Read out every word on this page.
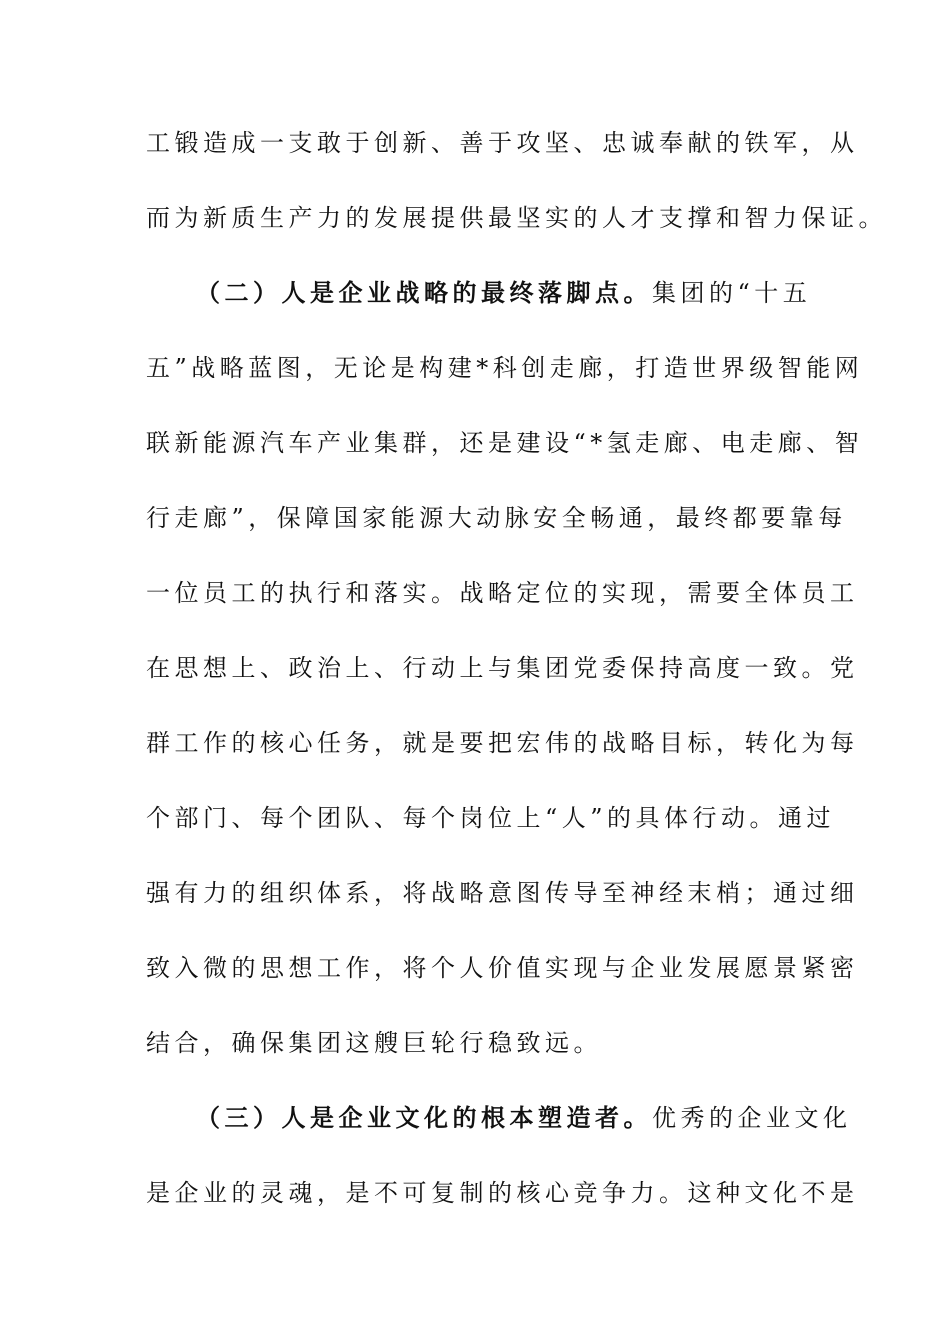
工锻造成一支敢于创新、善于攻坚、忠诚奉献的铁军，从
而为新质生产力的发展提供最坚实的人才支撑和智力保证。
（二）人是企业战略的最终落脚点。集团的“十五
五”战略蓝图，无论是构建*科创走廊，打造世界级智能网
联新能源汽车产业集群，还是建设“*氢走廊、电走廊、智
行走廊”，保障国家能源大动脉安全畅通，最终都要靠每
一位员工的执行和落实。战略定位的实现，需要全体员工
在思想上、政治上、行动上与集团党委保持高度一致。党
群工作的核心任务，就是要把宏伟的战略目标，转化为每
个部门、每个团队、每个岗位上“人”的具体行动。通过
强有力的组织体系，将战略意图传导至神经末梢；通过细
致入微的思想工作，将个人价值实现与企业发展愿景紧密
结合，确保集团这艘巨轮行稳致远。
（三）人是企业文化的根本塑造者。优秀的企业文化
是企业的灵魂，是不可复制的核心竞争力。这种文化不是
